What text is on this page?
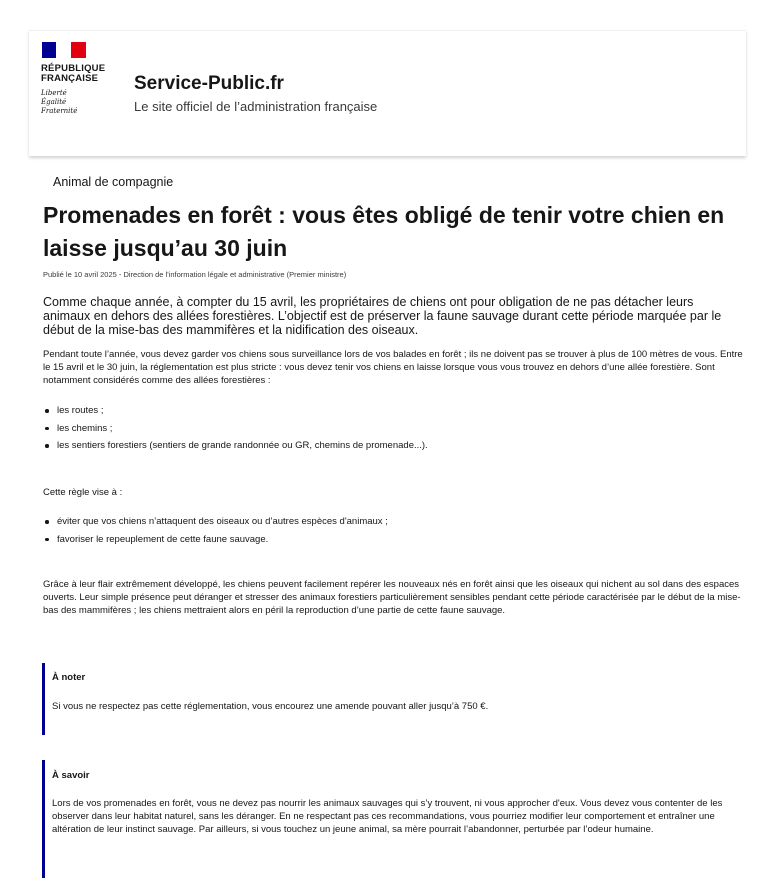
RÉPUBLIQUE
FRANÇAISE
Liberté
Égalité
Fraternité
Service-Public.fr
Le site officiel de l’administration française
Animal de compagnie
Promenades en forêt : vous êtes obligé de tenir votre chien en laisse jusqu’au 30 juin
Publié le 10 avril 2025 - Direction de l'information légale et administrative (Premier ministre)
Comme chaque année, à compter du 15 avril, les propriétaires de chiens ont pour obligation de ne pas détacher leurs animaux en dehors des allées forestières. L’objectif est de préserver la faune sauvage durant cette période marquée par le début de la mise-bas des mammifères et la nidification des oiseaux.
Pendant toute l’année, vous devez garder vos chiens sous surveillance lors de vos balades en forêt ; ils ne doivent pas se trouver à plus de 100 mètres de vous. Entre le 15 avril et le 30 juin, la réglementation est plus stricte : vous devez tenir vos chiens en laisse lorsque vous vous trouvez en dehors d’une allée forestière. Sont notamment considérés comme des allées forestières :
les routes ;
les chemins ;
les sentiers forestiers (sentiers de grande randonnée ou GR, chemins de promenade...).
Cette règle vise à :
éviter que vos chiens n’attaquent des oiseaux ou d’autres espèces d'animaux ;
favoriser le repeuplement de cette faune sauvage.
Grâce à leur flair extrêmement développé, les chiens peuvent facilement repérer les nouveaux nés en forêt ainsi que les oiseaux qui nichent au sol dans des espaces ouverts. Leur simple présence peut déranger et stresser des animaux forestiers particulièrement sensibles pendant cette période caractérisée par le début de la mise-bas des mammifères ; les chiens mettraient alors en péril la reproduction d’une partie de cette faune sauvage.
À noter
Si vous ne respectez pas cette réglementation, vous encourez une amende pouvant aller jusqu’à 750 €.
À savoir
Lors de vos promenades en forêt, vous ne devez pas nourrir les animaux sauvages qui s’y trouvent, ni vous approcher d'eux. Vous devez vous contenter de les observer dans leur habitat naturel, sans les déranger. En ne respectant pas ces recommandations, vous pourriez modifier leur comportement et entraîner une altération de leur instinct sauvage. Par ailleurs, si vous touchez un jeune animal, sa mère pourrait l’abandonner, perturbée par l’odeur humaine.
